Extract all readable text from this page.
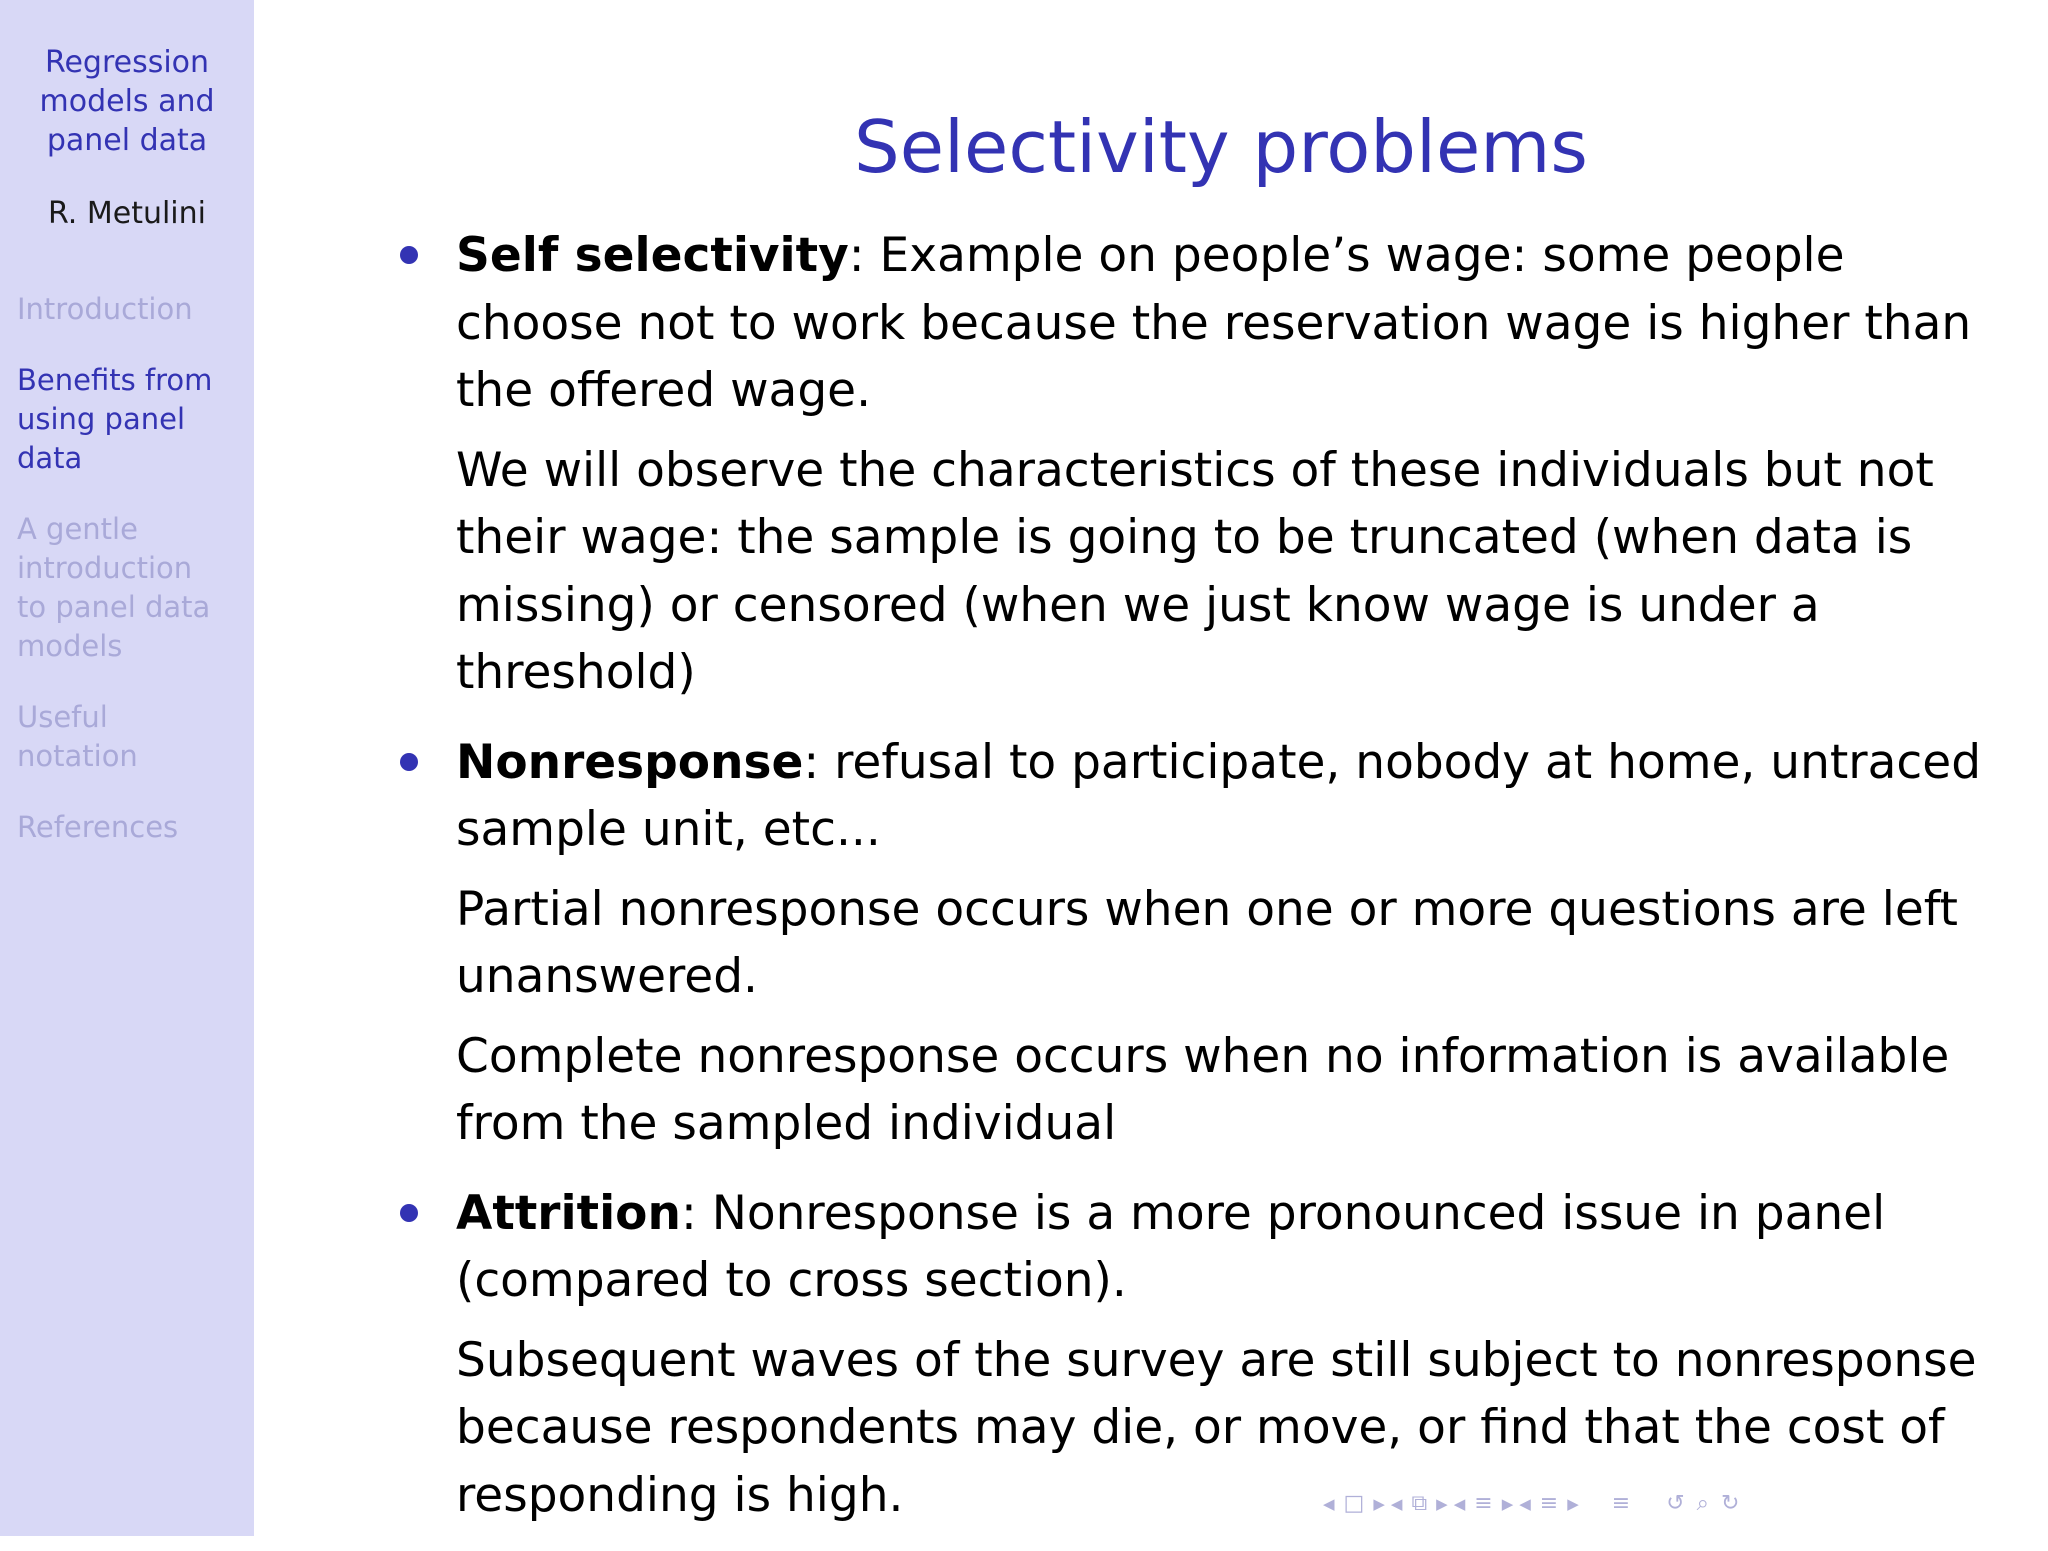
Regression
models and
panel data
R. Metulini
Introduction
Benefits from
using panel
data
A gentle
introduction
to panel data
models
Useful
notation
References
Selectivity problems

Self selectivity: Example on people’s wage: some people choose not to work because the reservation wage is higher than the offered wage.

We will observe the characteristics of these individuals but not their wage: the sample is going to be truncated (when data is missing) or censored (when we just know wage is under a threshold)

Nonresponse: refusal to participate, nobody at home, untraced sample unit, etc...

Partial nonresponse occurs when one or more questions are left unanswered.

Complete nonresponse occurs when no information is available from the sampled individual

Attrition: Nonresponse is a more pronounced issue in panel (compared to cross section).

Subsequent waves of the survey are still subject to nonresponse because respondents may die, or move, or find that the cost of responding is high.	◀ □ ▶ ◀ ⧉ ▶ ◀ ≡ ▶ ◀ ≡ ▶ ≡ ↺ ⌕ ↻
